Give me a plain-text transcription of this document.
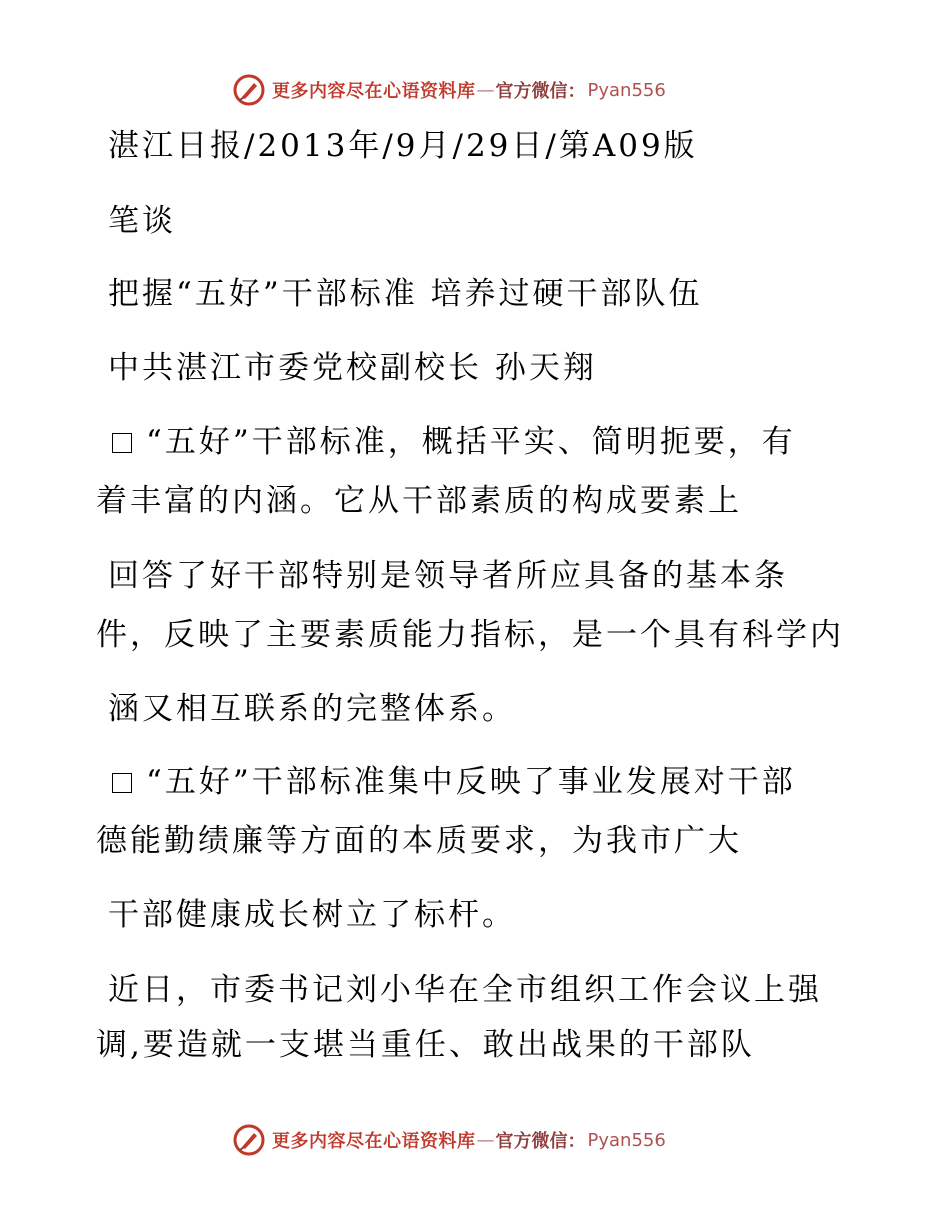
更多内容尽在心语资料库 — 官方微信： Pyan556
湛江日报/2013年/9月/29日/第A09版
笔谈
把握“五好”干部标准 培养过硬干部队伍
中共湛江市委党校副校长 孙天翔
“五好”干部标准，概括平实、简明扼要，有
着丰富的内涵。它从干部素质的构成要素上
回答了好干部特别是领导者所应具备的基本条
件，反映了主要素质能力指标，是一个具有科学内
涵又相互联系的完整体系。
“五好”干部标准集中反映了事业发展对干部
德能勤绩廉等方面的本质要求，为我市广大
干部健康成长树立了标杆。
近日，市委书记刘小华在全市组织工作会议上强
调,要造就一支堪当重任、敢出战果的干部队
更多内容尽在心语资料库 — 官方微信： Pyan556
